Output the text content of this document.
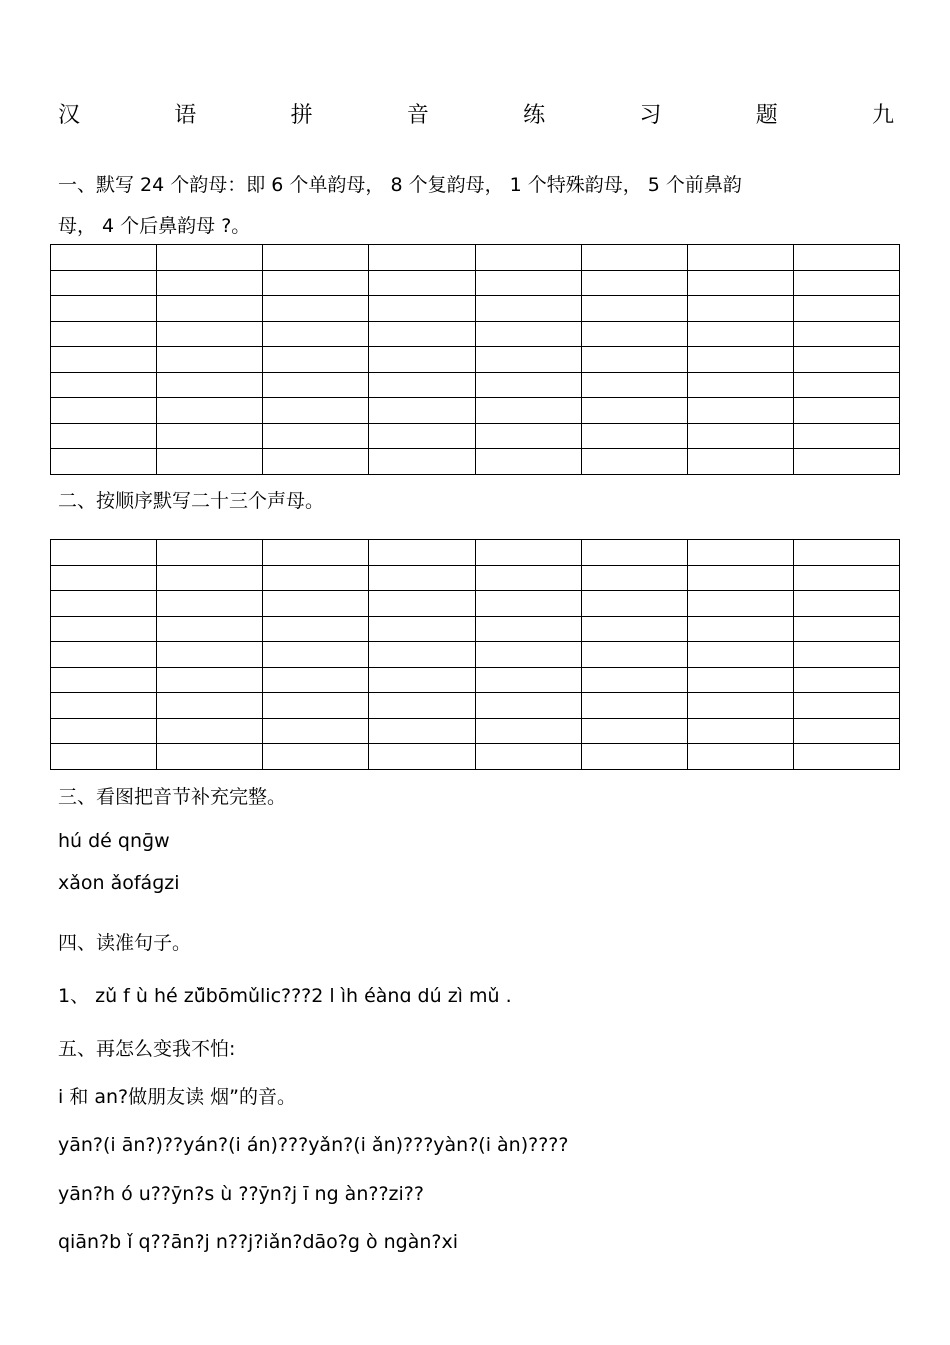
汉	语	拼	音	练	习	题	九
一、默写 24 个韵母：即 6 个单韵母， 8 个复韵母， 1 个特殊韵母， 5 个前鼻韵
母， 4 个后鼻韵母 ?。

二、按顺序默写二十三个声母。

三、看图把音节补充完整。
hú dé qnɡ̄w
xǎon ǎofáɡzi
四、读准句子。
1、 zǔ f ù hé zǔ̃bōmǔlic???2 l ìh éànɑ dú zì mǔ .
五、再怎么变我不怕:
i 和 an?做朋友读 烟”的音。
yān?(i ān?)??yán?(i án)???yǎn?(i ǎn)???yàn?(i àn)????
yān?h ó u??ȳn?s ù ??ȳn?j ī ng àn??zi??
qiān?b ǐ q??ān?j n??j?iǎn?dāo?g ò ngàn?xi
